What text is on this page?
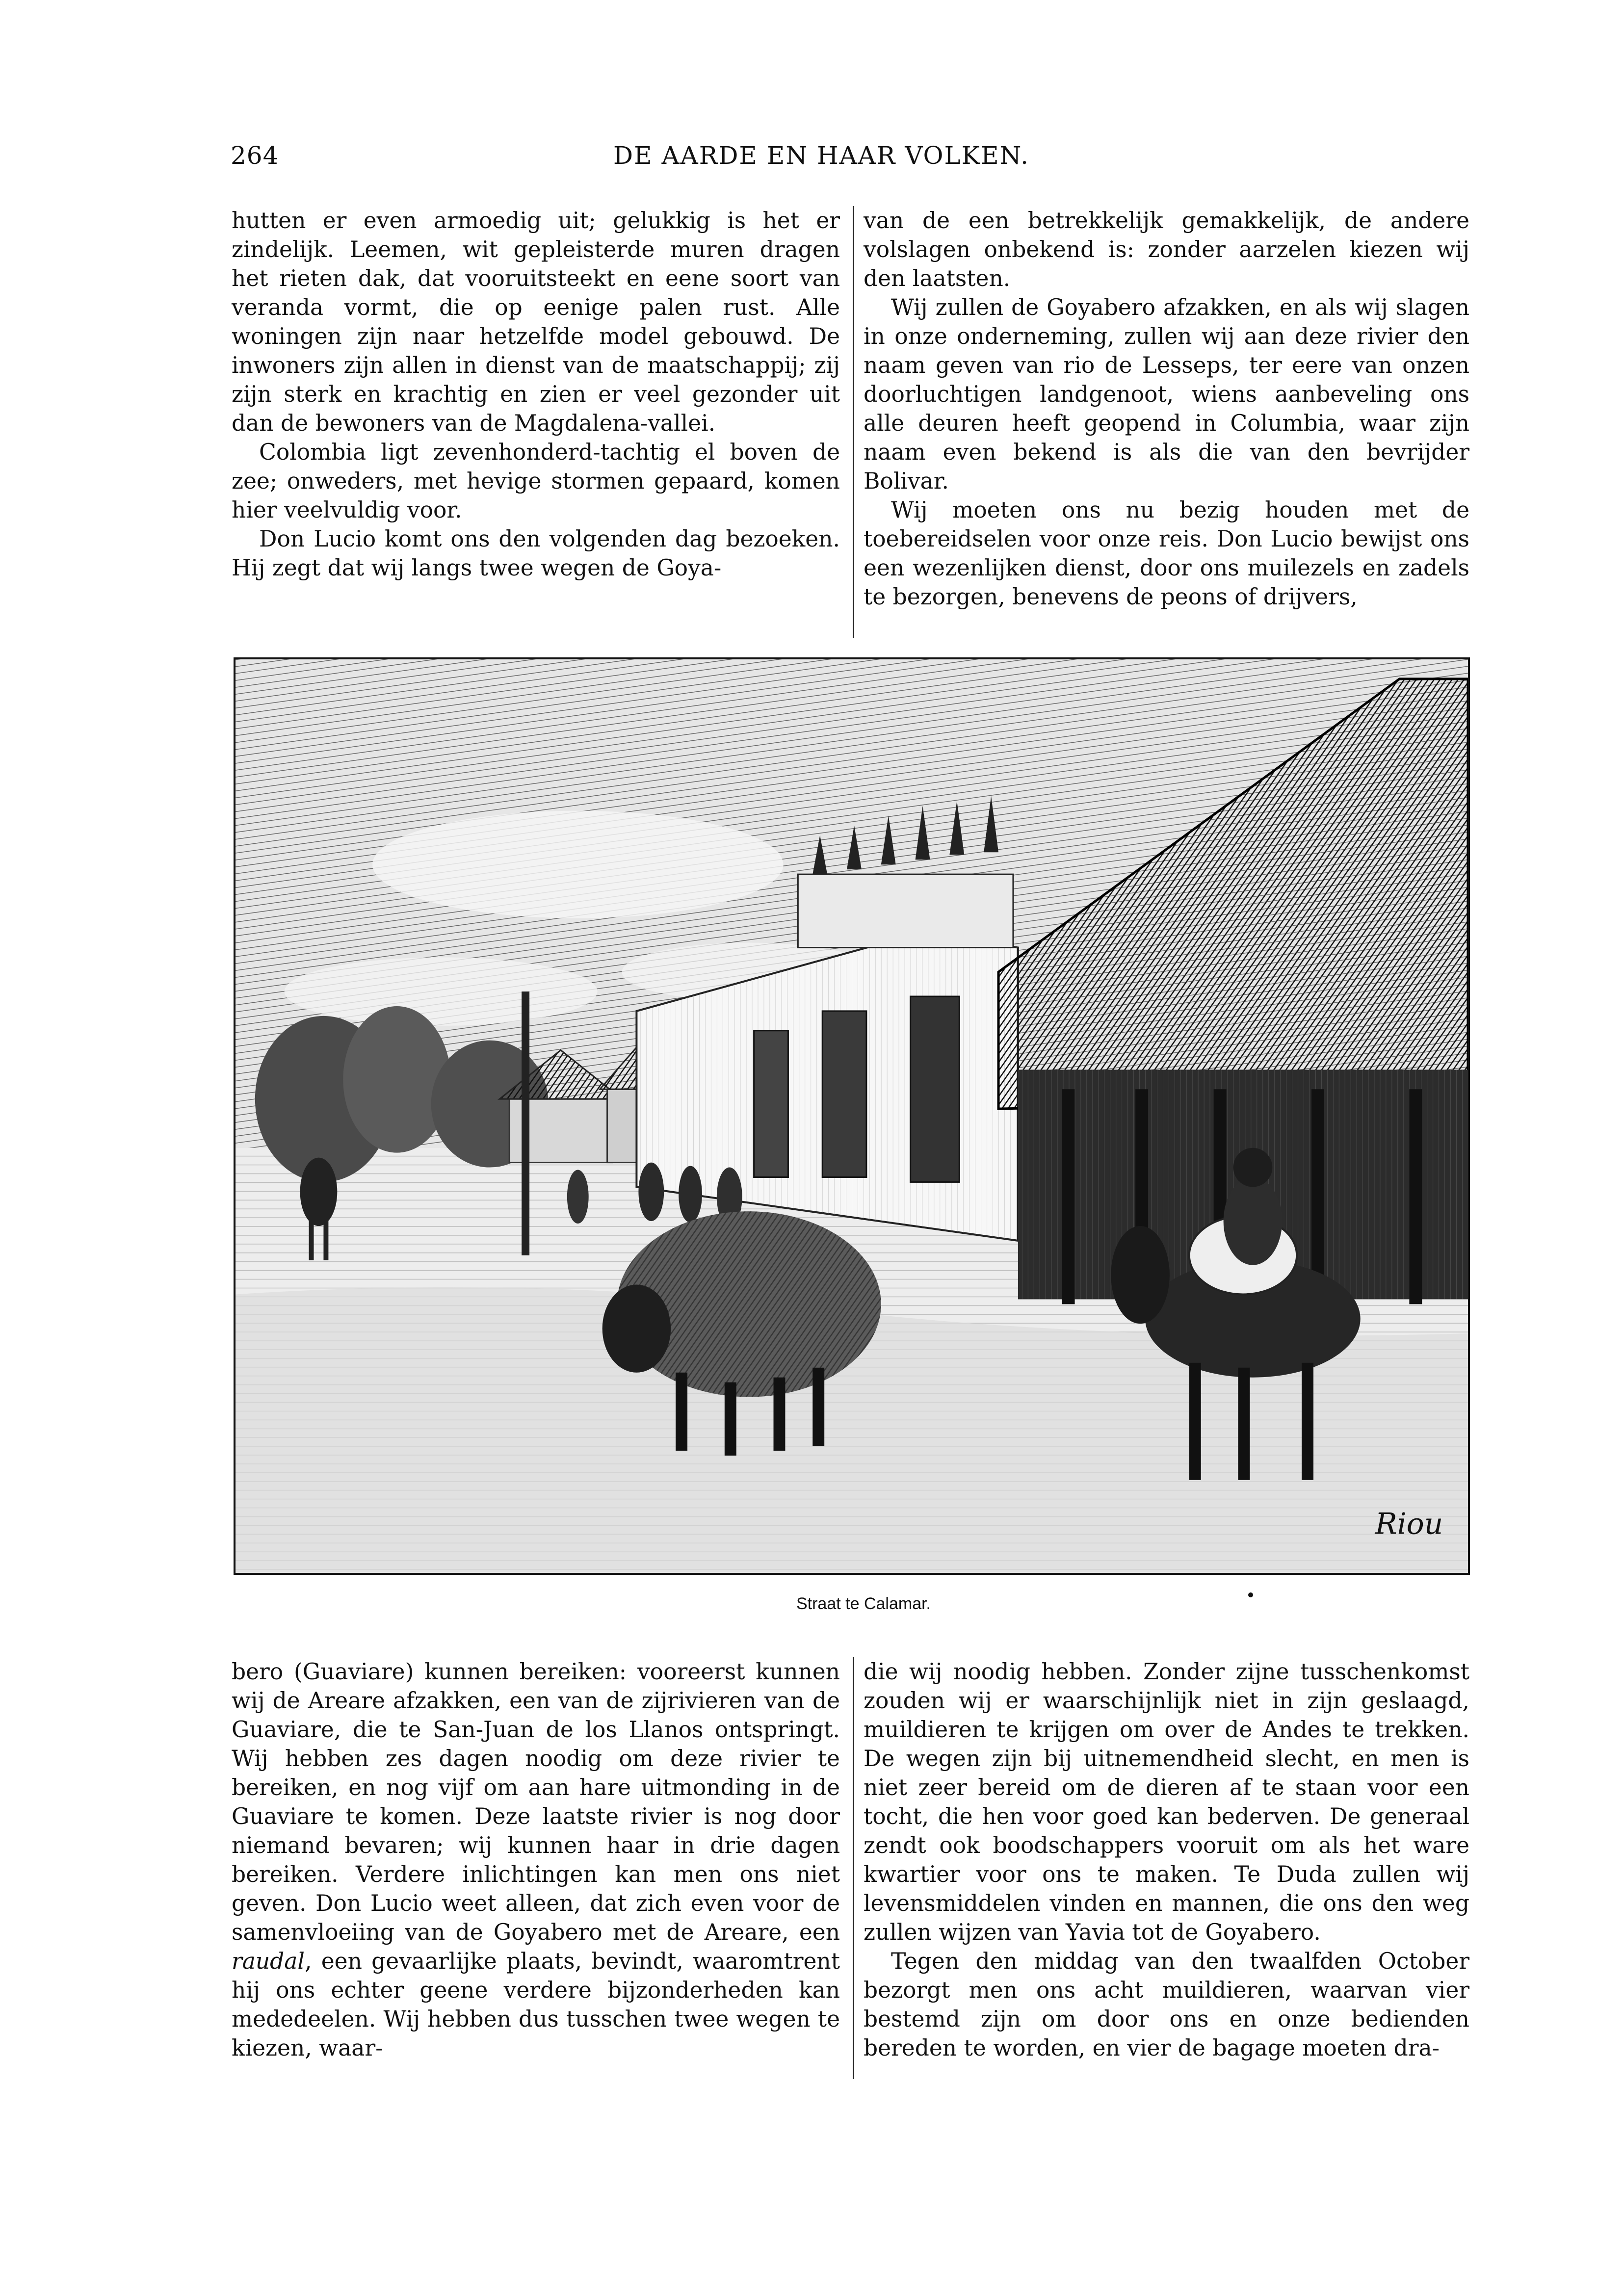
264	DE AARDE EN HAAR VOLKEN.

hutten er even armoedig uit; gelukkig is het er zindelijk. Leemen, wit gepleisterde muren dragen het rieten dak, dat vooruitsteekt en eene soort van veranda vormt, die op eenige palen rust. Alle woningen zijn naar hetzelfde model gebouwd. De inwoners zijn allen in dienst van de maatschappij; zij zijn sterk en krachtig en zien er veel gezonder uit dan de bewoners van de Magdalena-vallei.

Colombia ligt zevenhonderd-tachtig el boven de zee; onweders, met hevige stormen gepaard, komen hier veelvuldig voor.

Don Lucio komt ons den volgenden dag bezoeken. Hij zegt dat wij langs twee wegen de Goya-

van de een betrekkelijk gemakkelijk, de andere volslagen onbekend is: zonder aarzelen kiezen wij den laatsten.

Wij zullen de Goyabero afzakken, en als wij slagen in onze onderneming, zullen wij aan deze rivier den naam geven van rio de Lesseps, ter eere van onzen doorluchtigen landgenoot, wiens aanbeveling ons alle deuren heeft geopend in Columbia, waar zijn naam even bekend is als die van den bevrijder Bolivar.

Wij moeten ons nu bezig houden met de toebereidselen voor onze reis. Don Lucio bewijst ons een wezenlijken dienst, door ons muilezels en zadels te bezorgen, benevens de peons of drijvers,

Riou
Straat te Calamar.

bero (Guaviare) kunnen bereiken: vooreerst kunnen wij de Areare afzakken, een van de zijrivieren van de Guaviare, die te San-Juan de los Llanos ontspringt. Wij hebben zes dagen noodig om deze rivier te bereiken, en nog vijf om aan hare uitmonding in de Guaviare te komen. Deze laatste rivier is nog door niemand bevaren; wij kunnen haar in drie dagen bereiken. Verdere inlichtingen kan men ons niet geven. Don Lucio weet alleen, dat zich even voor de samenvloeiing van de Goyabero met de Areare, een raudal, een gevaarlijke plaats, bevindt, waaromtrent hij ons echter geene verdere bijzonderheden kan mededeelen. Wij hebben dus tusschen twee wegen te kiezen, waar-

die wij noodig hebben. Zonder zijne tusschenkomst zouden wij er waarschijnlijk niet in zijn geslaagd, muildieren te krijgen om over de Andes te trekken. De wegen zijn bij uitnemendheid slecht, en men is niet zeer bereid om de dieren af te staan voor een tocht, die hen voor goed kan bederven. De generaal zendt ook boodschappers vooruit om als het ware kwartier voor ons te maken. Te Duda zullen wij levensmiddelen vinden en mannen, die ons den weg zullen wijzen van Yavia tot de Goyabero.

Tegen den middag van den twaalfden October bezorgt men ons acht muildieren, waarvan vier bestemd zijn om door ons en onze bedienden bereden te worden, en vier de bagage moeten dra-
